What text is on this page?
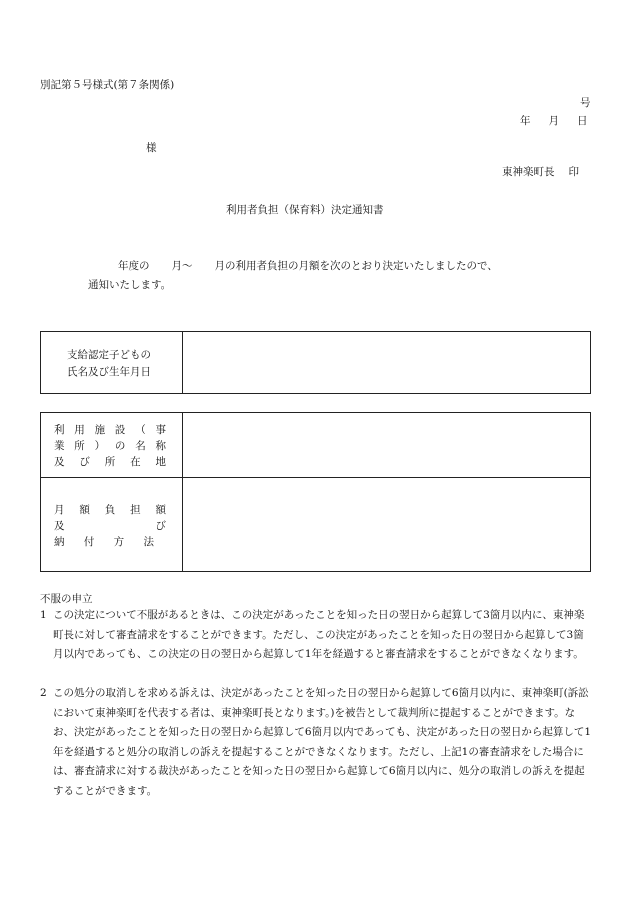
別記第５号様式(第７条関係)
号
年 月 日
様
東神楽町長 印
利用者負担（保育料）決定通知書
年度の 月～ 月の利用者負担の月額を次のとおり決定いたしましたので、
通知いたします。
支給認定子どもの
氏名及び生年月日
利 用 施 設 （ 事
業 所 ） の 名 称
及 び 所 在 地
月 額 負 担 額
及	び
納 付 方 法
不服の申立
1 この決定について不服があるときは、この決定があったことを知った日の翌日から起算して3箇月以内に、東神楽町長に対して審査請求をすることができます。ただし、この決定があったことを知った日の翌日から起算して3箇月以内であっても、この決定の日の翌日から起算して1年を経過すると審査請求をすることができなくなります。
2 この処分の取消しを求める訴えは、決定があったことを知った日の翌日から起算して6箇月以内に、東神楽町(訴訟において東神楽町を代表する者は、東神楽町長となります。)を被告として裁判所に提起することができます。なお、決定があったことを知った日の翌日から起算して6箇月以内であっても、決定があった日の翌日から起算して1年を経過すると処分の取消しの訴えを提起することができなくなります。ただし、上記1の審査請求をした場合には、審査請求に対する裁決があったことを知った日の翌日から起算して6箇月以内に、処分の取消しの訴えを提起することができます。
